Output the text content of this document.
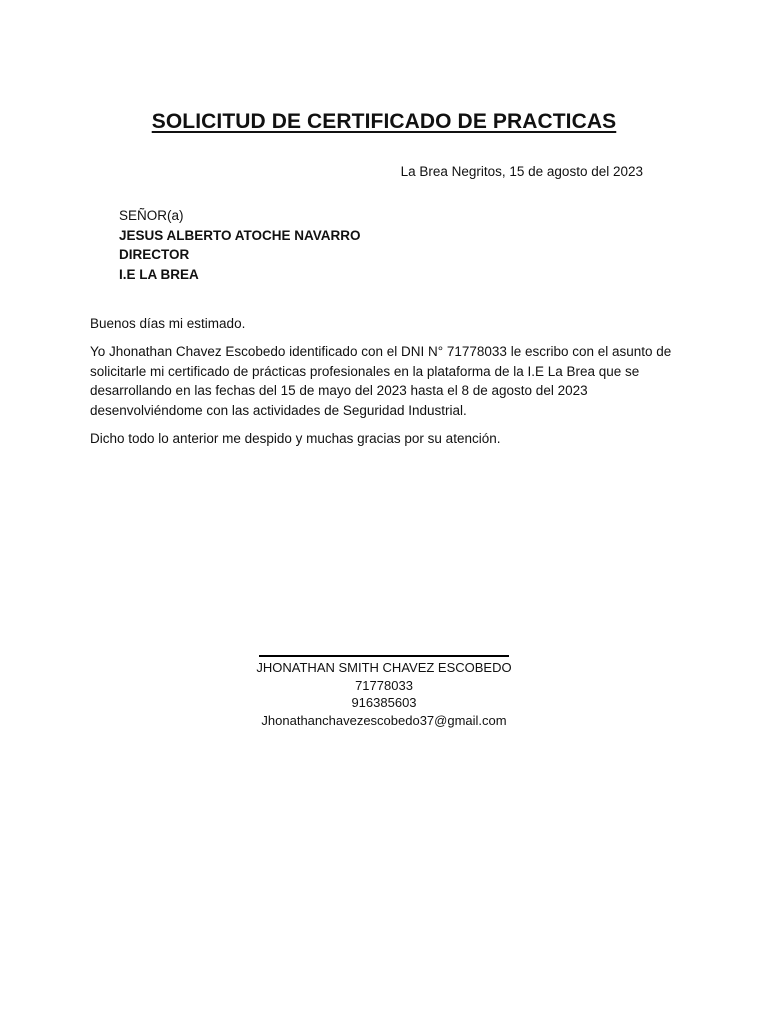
SOLICITUD DE CERTIFICADO DE PRACTICAS

La Brea Negritos, 15 de agosto del 2023

SEÑOR(a)
JESUS ALBERTO ATOCHE NAVARRO
DIRECTOR
I.E LA BREA

Buenos días mi estimado.

Yo Jhonathan Chavez Escobedo identificado con el DNI N° 71778033 le escribo con el asunto de solicitarle mi certificado de prácticas profesionales en la plataforma de la I.E La Brea que se desarrollando en las fechas del 15 de mayo del 2023 hasta el 8 de agosto del 2023 desenvolviéndome con las actividades de Seguridad Industrial.

Dicho todo lo anterior me despido y muchas gracias por su atención.

JHONATHAN SMITH CHAVEZ ESCOBEDO
71778033
916385603
Jhonathanchavezescobedo37@gmail.com
